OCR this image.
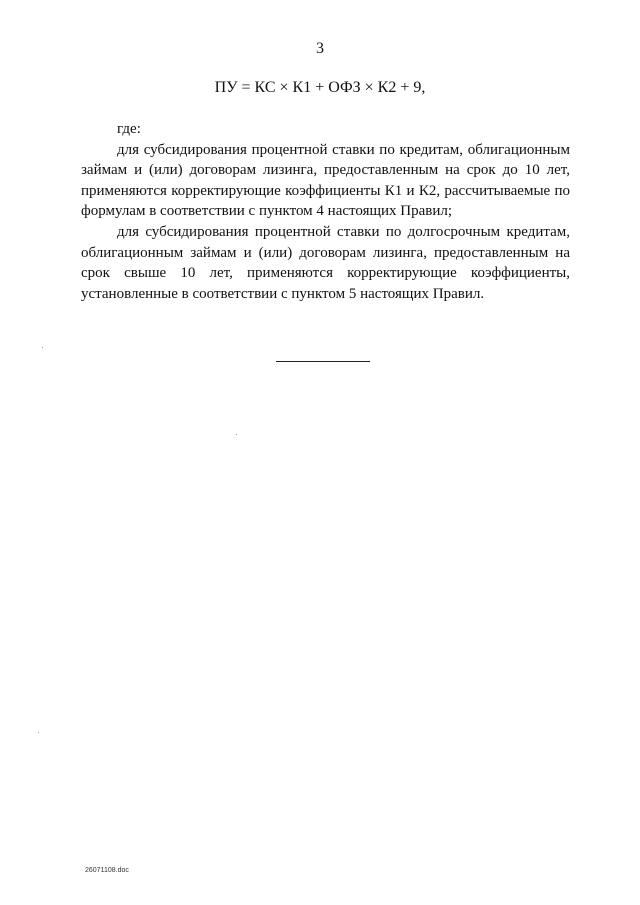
3
ПУ = КС × К1 + ОФЗ × К2 + 9,

где:

для субсидирования процентной ставки по кредитам, облигационным займам и (или) договорам лизинга, предоставленным на срок до 10 лет, применяются корректирующие коэффициенты К1 и К2, рассчитываемые по формулам в соответствии с пунктом 4 настоящих Правил;

для субсидирования процентной ставки по долгосрочным кредитам, облигационным займам и (или) договорам лизинга, предоставленным на срок свыше 10 лет, применяются корректирующие коэффициенты, установленные в соответствии с пунктом 5 настоящих Правил.

26071108.doc
